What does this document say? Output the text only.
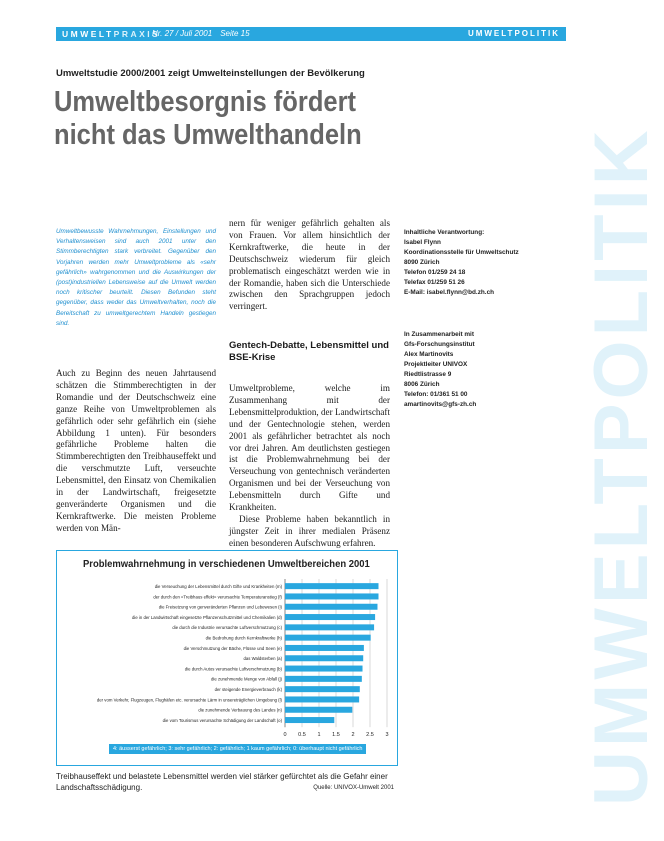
UMWELTPRAXIS
Nr. 27 / Juli 2001 Seite 15	UMWELTPOLITIK
Umweltstudie 2000/2001 zeigt Umwelteinstellungen der Bevölkerung
Umweltbesorgnis fördert
nicht das Umwelthandeln	UMWELTPOLITIK

Umweltbewusste Wahrnehmungen, Einstellungen und Verhaltensweisen sind auch 2001 unter den Stimmberechtigten stark verbreitet. Gegenüber den Vorjahren werden mehr Umweltprobleme als «sehr gefährlich» wahrgenommen und die Auswirkungen der (post)industriellen Lebensweise auf die Umwelt werden noch kritischer beurteilt. Diesen Befunden steht gegenüber, dass weder das Umweltverhalten, noch die Bereitschaft zu umweltgerechtem Handeln gestiegen sind.

Auch zu Beginn des neuen Jahrtausend schätzen die Stimmberechtigten in der Romandie und der Deutschschweiz eine ganze Reihe von Umweltproblemen als gefährlich oder sehr gefährlich ein (siehe Abbildung 1 unten). Für besonders gefährliche Probleme halten die Stimmberechtigten den Treibhauseffekt und die verschmutzte Luft, verseuchte Lebensmittel, den Einsatz von Chemikalien in der Landwirtschaft, freigesetzte genveränderte Organismen und die Kernkraftwerke. Die meisten Probleme werden von Män-

nern für weniger gefährlich gehalten als von Frauen. Vor allem hinsichtlich der Kernkraftwerke, die heute in der Deutschschweiz wiederum für gleich problematisch eingeschätzt werden wie in der Romandie, haben sich die Unterschiede zwischen den Sprachgruppen jedoch verringert.

Gentech-Debatte, Lebensmittel und BSE-Krise

Umweltprobleme, welche im Zusammenhang mit der Lebensmittelproduktion, der Landwirtschaft und der Gentechnologie stehen, werden 2001 als gefährlicher betrachtet als noch vor drei Jahren. Am deutlichsten gestiegen ist die Problemwahrnehmung bei der Verseuchung von gentechnisch veränderten Organismen und bei der Verseuchung von Lebensmitteln durch Gifte und Krankheiten.

Diese Probleme haben bekanntlich in jüngster Zeit in ihrer medialen Präsenz einen besonderen Aufschwung erfahren.

Inhaltliche Verantwortung:
Isabel Flynn
Koordinationsstelle für Umweltschutz
8090 Zürich
Telefon 01/259 24 18
Telefax 01/259 51 26
E-Mail: isabel.flynn@bd.zh.ch
In Zusammenarbeit mit
Gfs-Forschungsinstitut
Alex Martinovits
Projektleiter UNIVOX
Riedtlistrasse 9
8006 Zürich
Telefon: 01/361 51 00
amartinovits@gfs-zh.ch
Problemwahrnehmung in verschiedenen Umweltbereichen 2001
0 0.5 1 1.5 2 2.5 3
die Verseuchung der Lebensmittel durch Gifte und Krankheiten (m)
der durch den «Treibhaus effekt» verursachte Temperaturanstieg (f)
die Freisetzung von genveränderten Pflanzen und Lebewesen (i)
die in der Landwirtschaft eingesetzte Pflanzenschutzmittel und Chemikalien (d)
die durch die Industrie verursachte Luftverschmutzung (c)
die Bedrohung durch Kernkraftwerke (h)
die Verschmutzung der Bäche, Flüsse und Seen (e)
das Waldsterben (a)
die durch Autos verursachte Luftverschmutzung (b)
die zunehmende Menge von Abfall (j)
der steigende Energieverbrauch (k)
der vom Verkehr, Flugzeugen, Flughäfen etc. verursachte Lärm in unsereträglichen Umgebung (l)
die zunehmende Verbauung des Landes (n)
die vom Tourismus verursachte Schädigung der Landschaft (o)
4: äusserst gefährlich; 3: sehr gefährlich; 2: gefährlich; 1 kaum gefährlich; 0: überhaupt nicht gefährlich

Treibhauseffekt und belastete Lebensmittel werden viel stärker gefürchtet als die Gefahr einer Landschaftsschädigung.	Quelle: UNIVOX-Umwelt 2001
